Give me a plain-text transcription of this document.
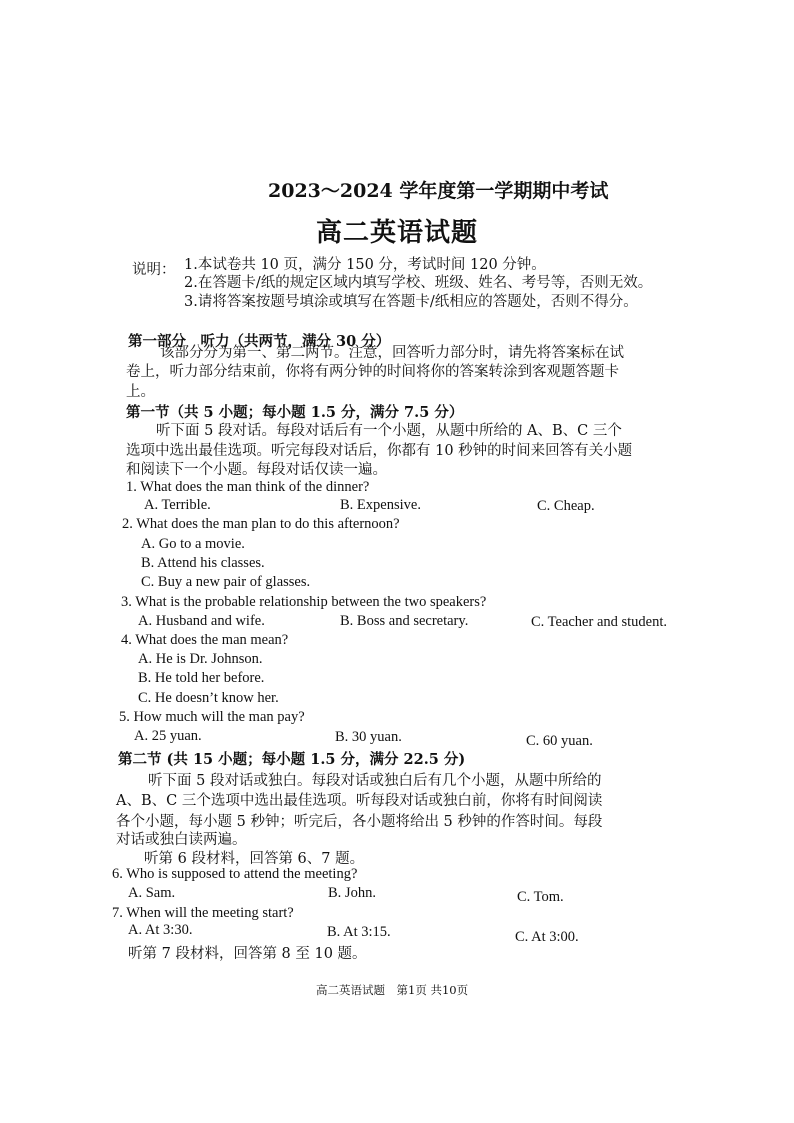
2023～2024 学年度第一学期期中考试
高二英语试题
说明： 1.本试卷共 10 页，满分 150 分，考试时间 120 分钟。
2.在答题卡/纸的规定区域内填写学校、班级、姓名、考号等，否则无效。
3.请将答案按题号填涂或填写在答题卡/纸相应的答题处，否则不得分。
第一部分　听力（共两节，满分 30 分）
该部分分为第一、第二两节。注意，回答听力部分时，请先将答案标在试
卷上，听力部分结束前，你将有两分钟的时间将你的答案转涂到客观题答题卡
上。
第一节（共 5 小题；每小题 1.5 分，满分 7.5 分）
听下面 5 段对话。每段对话后有一个小题，从题中所给的 A、B、C 三个
选项中选出最佳选项。听完每段对话后，你都有 10 秒钟的时间来回答有关小题
和阅读下一个小题。每段对话仅读一遍。
1. What does the man think of the dinner?
A. Terrible.	B. Expensive.	C. Cheap.
2. What does the man plan to do this afternoon?
A. Go to a movie.
B. Attend his classes.
C. Buy a new pair of glasses.
3. What is the probable relationship between the two speakers?
A. Husband and wife.	B. Boss and secretary.	C. Teacher and student.
4. What does the man mean?
A. He is Dr. Johnson.
B. He told her before.
C. He doesn’t know her.
5. How much will the man pay?
A. 25 yuan.	B. 30 yuan.	C. 60 yuan.
第二节 (共 15 小题；每小题 1.5 分，满分 22.5 分)
听下面 5 段对话或独白。每段对话或独白后有几个小题，从题中所给的
A、B、C 三个选项中选出最佳选项。听每段对话或独白前，你将有时间阅读
各个小题，每小题 5 秒钟；听完后，各小题将给出 5 秒钟的作答时间。每段
对话或独白读两遍。
听第 6 段材料，回答第 6、7 题。
6. Who is supposed to attend the meeting?
A. Sam.	B. John.	C. Tom.
7. When will the meeting start?
A. At 3:30.	B. At 3:15.	C. At 3:00.
听第 7 段材料，回答第 8 至 10 题。
高二英语试题　第1页 共10页
